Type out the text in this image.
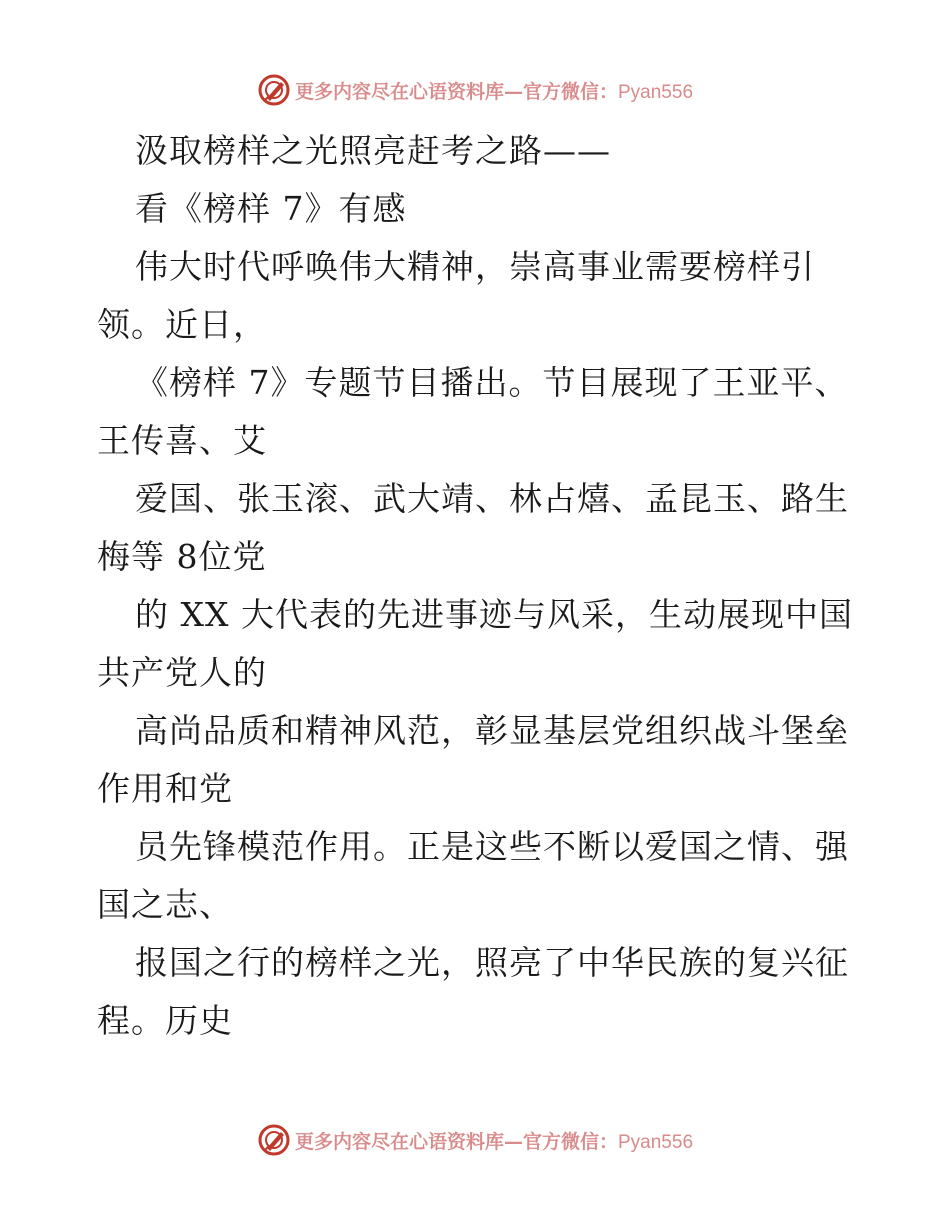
更多内容尽在心语资料库—官方微信：Pyan556
汲取榜样之光照亮赶考之路——
看《榜样 7》有感
伟大时代呼唤伟大精神，崇高事业需要榜样引
领。近日，
《榜样 7》专题节目播出。节目展现了王亚平、
王传喜、艾
爱国、张玉滚、武大靖、林占熺、孟昆玉、路生
梅等 8位党
的 XX 大代表的先进事迹与风采，生动展现中国
共产党人的
高尚品质和精神风范，彰显基层党组织战斗堡垒
作用和党
员先锋模范作用。正是这些不断以爱国之情、强
国之志、
报国之行的榜样之光，照亮了中华民族的复兴征
程。历史
更多内容尽在心语资料库—官方微信：Pyan556
